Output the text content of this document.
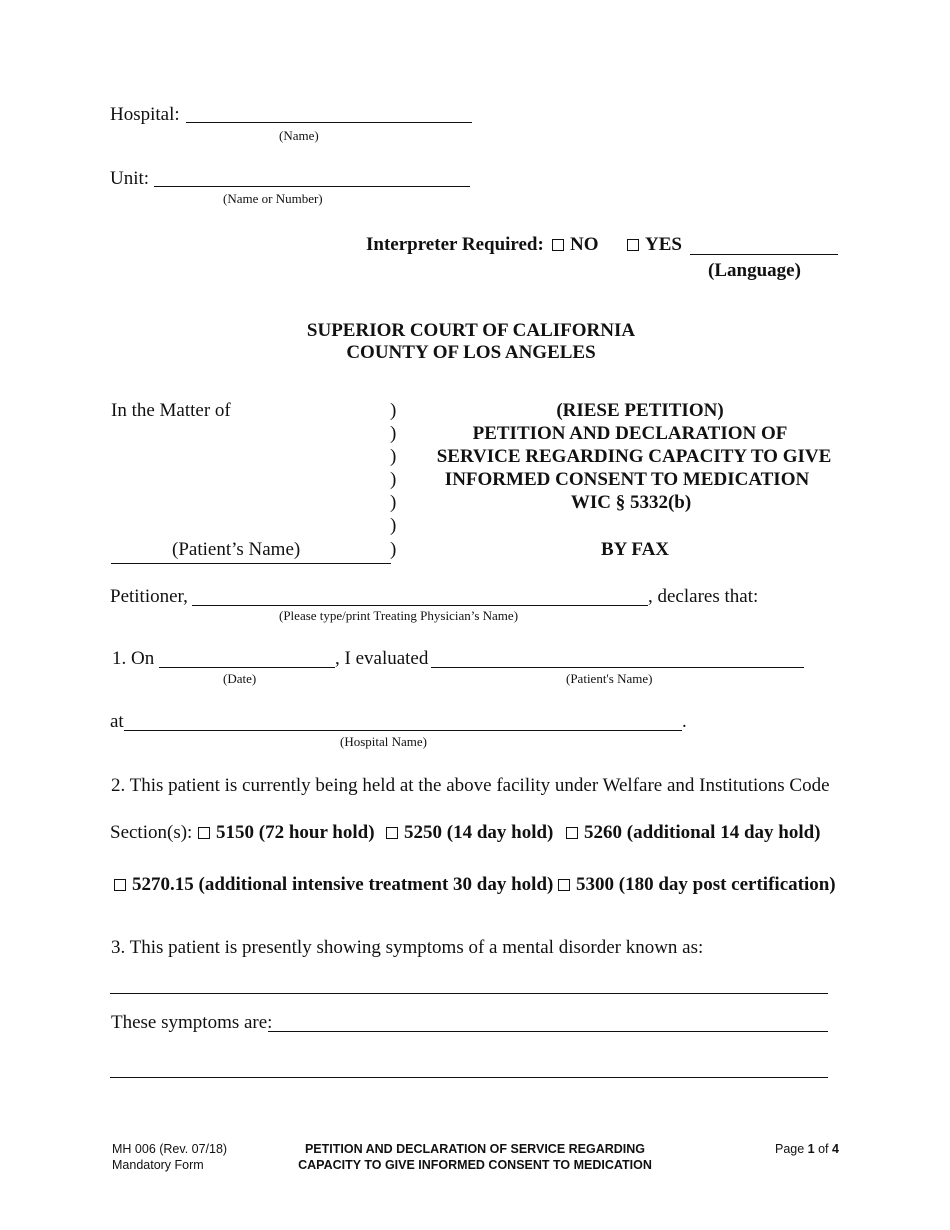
Hospital:
(Name)
Unit:
(Name or Number)
Interpreter Required:	NO	YES
(Language)
SUPERIOR COURT OF CALIFORNIA
COUNTY OF LOS ANGELES
In the Matter of	)
)
)
)
)
)
)
(Patient’s Name)
(RIESE PETITION)
PETITION AND DECLARATION OF
SERVICE REGARDING CAPACITY TO GIVE
INFORMED CONSENT TO MEDICATION
WIC § 5332(b)
BY FAX
Petitioner,	, declares that:
(Please type/print Treating Physician’s Name)
1. On	, I evaluated
(Date)	(Patient's Name)
at	.
(Hospital Name)
2. This patient is currently being held at the above facility under Welfare and Institutions Code
Section(s):	5150 (72 hour hold)	5250 (14 day hold)	5260 (additional 14 day hold)
5270.15 (additional intensive treatment 30 day hold)	5300 (180 day post certification)
3. This patient is presently showing symptoms of a mental disorder known as:
These symptoms are:
MH 006 (Rev. 07/18)
Mandatory Form
PETITION AND DECLARATION OF SERVICE REGARDING
CAPACITY TO GIVE INFORMED CONSENT TO MEDICATION
Page 1 of 4
